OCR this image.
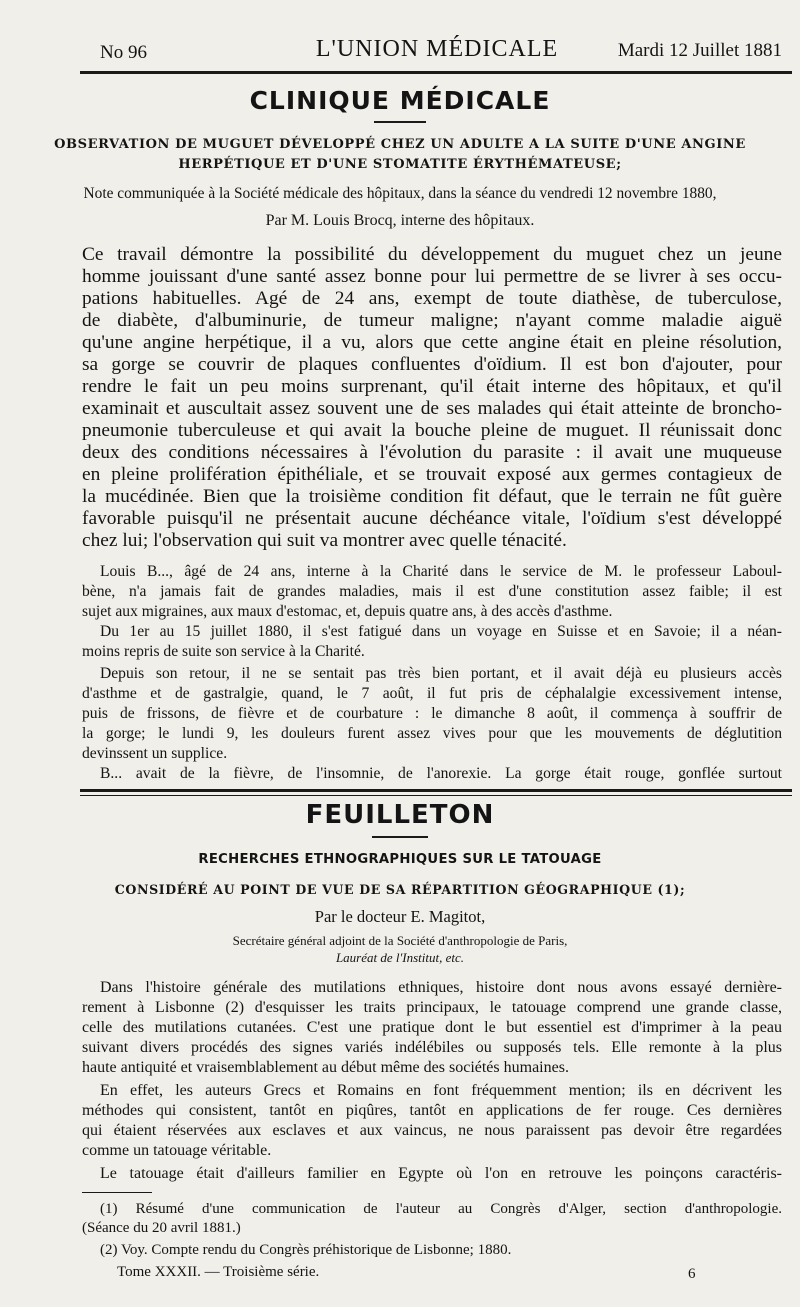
No 96	L'UNION MÉDICALE	Mardi 12 Juillet 1881
CLINIQUE MÉDICALE
OBSERVATION DE MUGUET DÉVELOPPÉ CHEZ UN ADULTE A LA SUITE D'UNE ANGINE
HERPÉTIQUE ET D'UNE STOMATITE ÉRYTHÉMATEUSE;
Note communiquée à la Société médicale des hôpitaux, dans la séance du vendredi 12 novembre 1880,
Par M. Louis Brocq, interne des hôpitaux.
Ce travail démontre la possibilité du développement du muguet chez un jeune
homme jouissant d'une santé assez bonne pour lui permettre de se livrer à ses occu-
pations habituelles. Agé de 24 ans, exempt de toute diathèse, de tuberculose,
de diabète, d'albuminurie, de tumeur maligne; n'ayant comme maladie aiguë
qu'une angine herpétique, il a vu, alors que cette angine était en pleine résolution,
sa gorge se couvrir de plaques confluentes d'oïdium. Il est bon d'ajouter, pour
rendre le fait un peu moins surprenant, qu'il était interne des hôpitaux, et qu'il
examinait et auscultait assez souvent une de ses malades qui était atteinte de broncho-
pneumonie tuberculeuse et qui avait la bouche pleine de muguet. Il réunissait donc
deux des conditions nécessaires à l'évolution du parasite : il avait une muqueuse
en pleine prolifération épithéliale, et se trouvait exposé aux germes contagieux de
la mucédinée. Bien que la troisième condition fit défaut, que le terrain ne fût guère
favorable puisqu'il ne présentait aucune déchéance vitale, l'oïdium s'est développé
chez lui; l'observation qui suit va montrer avec quelle ténacité.
Louis B..., âgé de 24 ans, interne à la Charité dans le service de M. le professeur Laboul-
bène, n'a jamais fait de grandes maladies, mais il est d'une constitution assez faible; il est
sujet aux migraines, aux maux d'estomac, et, depuis quatre ans, à des accès d'asthme.
Du 1er au 15 juillet 1880, il s'est fatigué dans un voyage en Suisse et en Savoie; il a néan-
moins repris de suite son service à la Charité.
Depuis son retour, il ne se sentait pas très bien portant, et il avait déjà eu plusieurs accès
d'asthme et de gastralgie, quand, le 7 août, il fut pris de céphalalgie excessivement intense,
puis de frissons, de fièvre et de courbature : le dimanche 8 août, il commença à souffrir de
la gorge; le lundi 9, les douleurs furent assez vives pour que les mouvements de déglutition
devinssent un supplice.
B... avait de la fièvre, de l'insomnie, de l'anorexie. La gorge était rouge, gonflée surtout
FEUILLETON
RECHERCHES ETHNOGRAPHIQUES SUR LE TATOUAGE
CONSIDÉRÉ AU POINT DE VUE DE SA RÉPARTITION GÉOGRAPHIQUE (1);
Par le docteur E. Magitot,
Secrétaire général adjoint de la Société d'anthropologie de Paris,
Lauréat de l'Institut, etc.
Dans l'histoire générale des mutilations ethniques, histoire dont nous avons essayé dernière-
rement à Lisbonne (2) d'esquisser les traits principaux, le tatouage comprend une grande classe,
celle des mutilations cutanées. C'est une pratique dont le but essentiel est d'imprimer à la peau
suivant divers procédés des signes variés indélébiles ou supposés tels. Elle remonte à la plus
haute antiquité et vraisemblablement au début même des sociétés humaines.
En effet, les auteurs Grecs et Romains en font fréquemment mention; ils en décrivent les
méthodes qui consistent, tantôt en piqûres, tantôt en applications de fer rouge. Ces dernières
qui étaient réservées aux esclaves et aux vaincus, ne nous paraissent pas devoir être regardées
comme un tatouage véritable.
Le tatouage était d'ailleurs familier en Egypte où l'on en retrouve les poinçons caractéris-
(1) Résumé d'une communication de l'auteur au Congrès d'Alger, section d'anthropologie.
(Séance du 20 avril 1881.)
(2) Voy. Compte rendu du Congrès préhistorique de Lisbonne; 1880.
Tome XXXII. — Troisième série.	6
